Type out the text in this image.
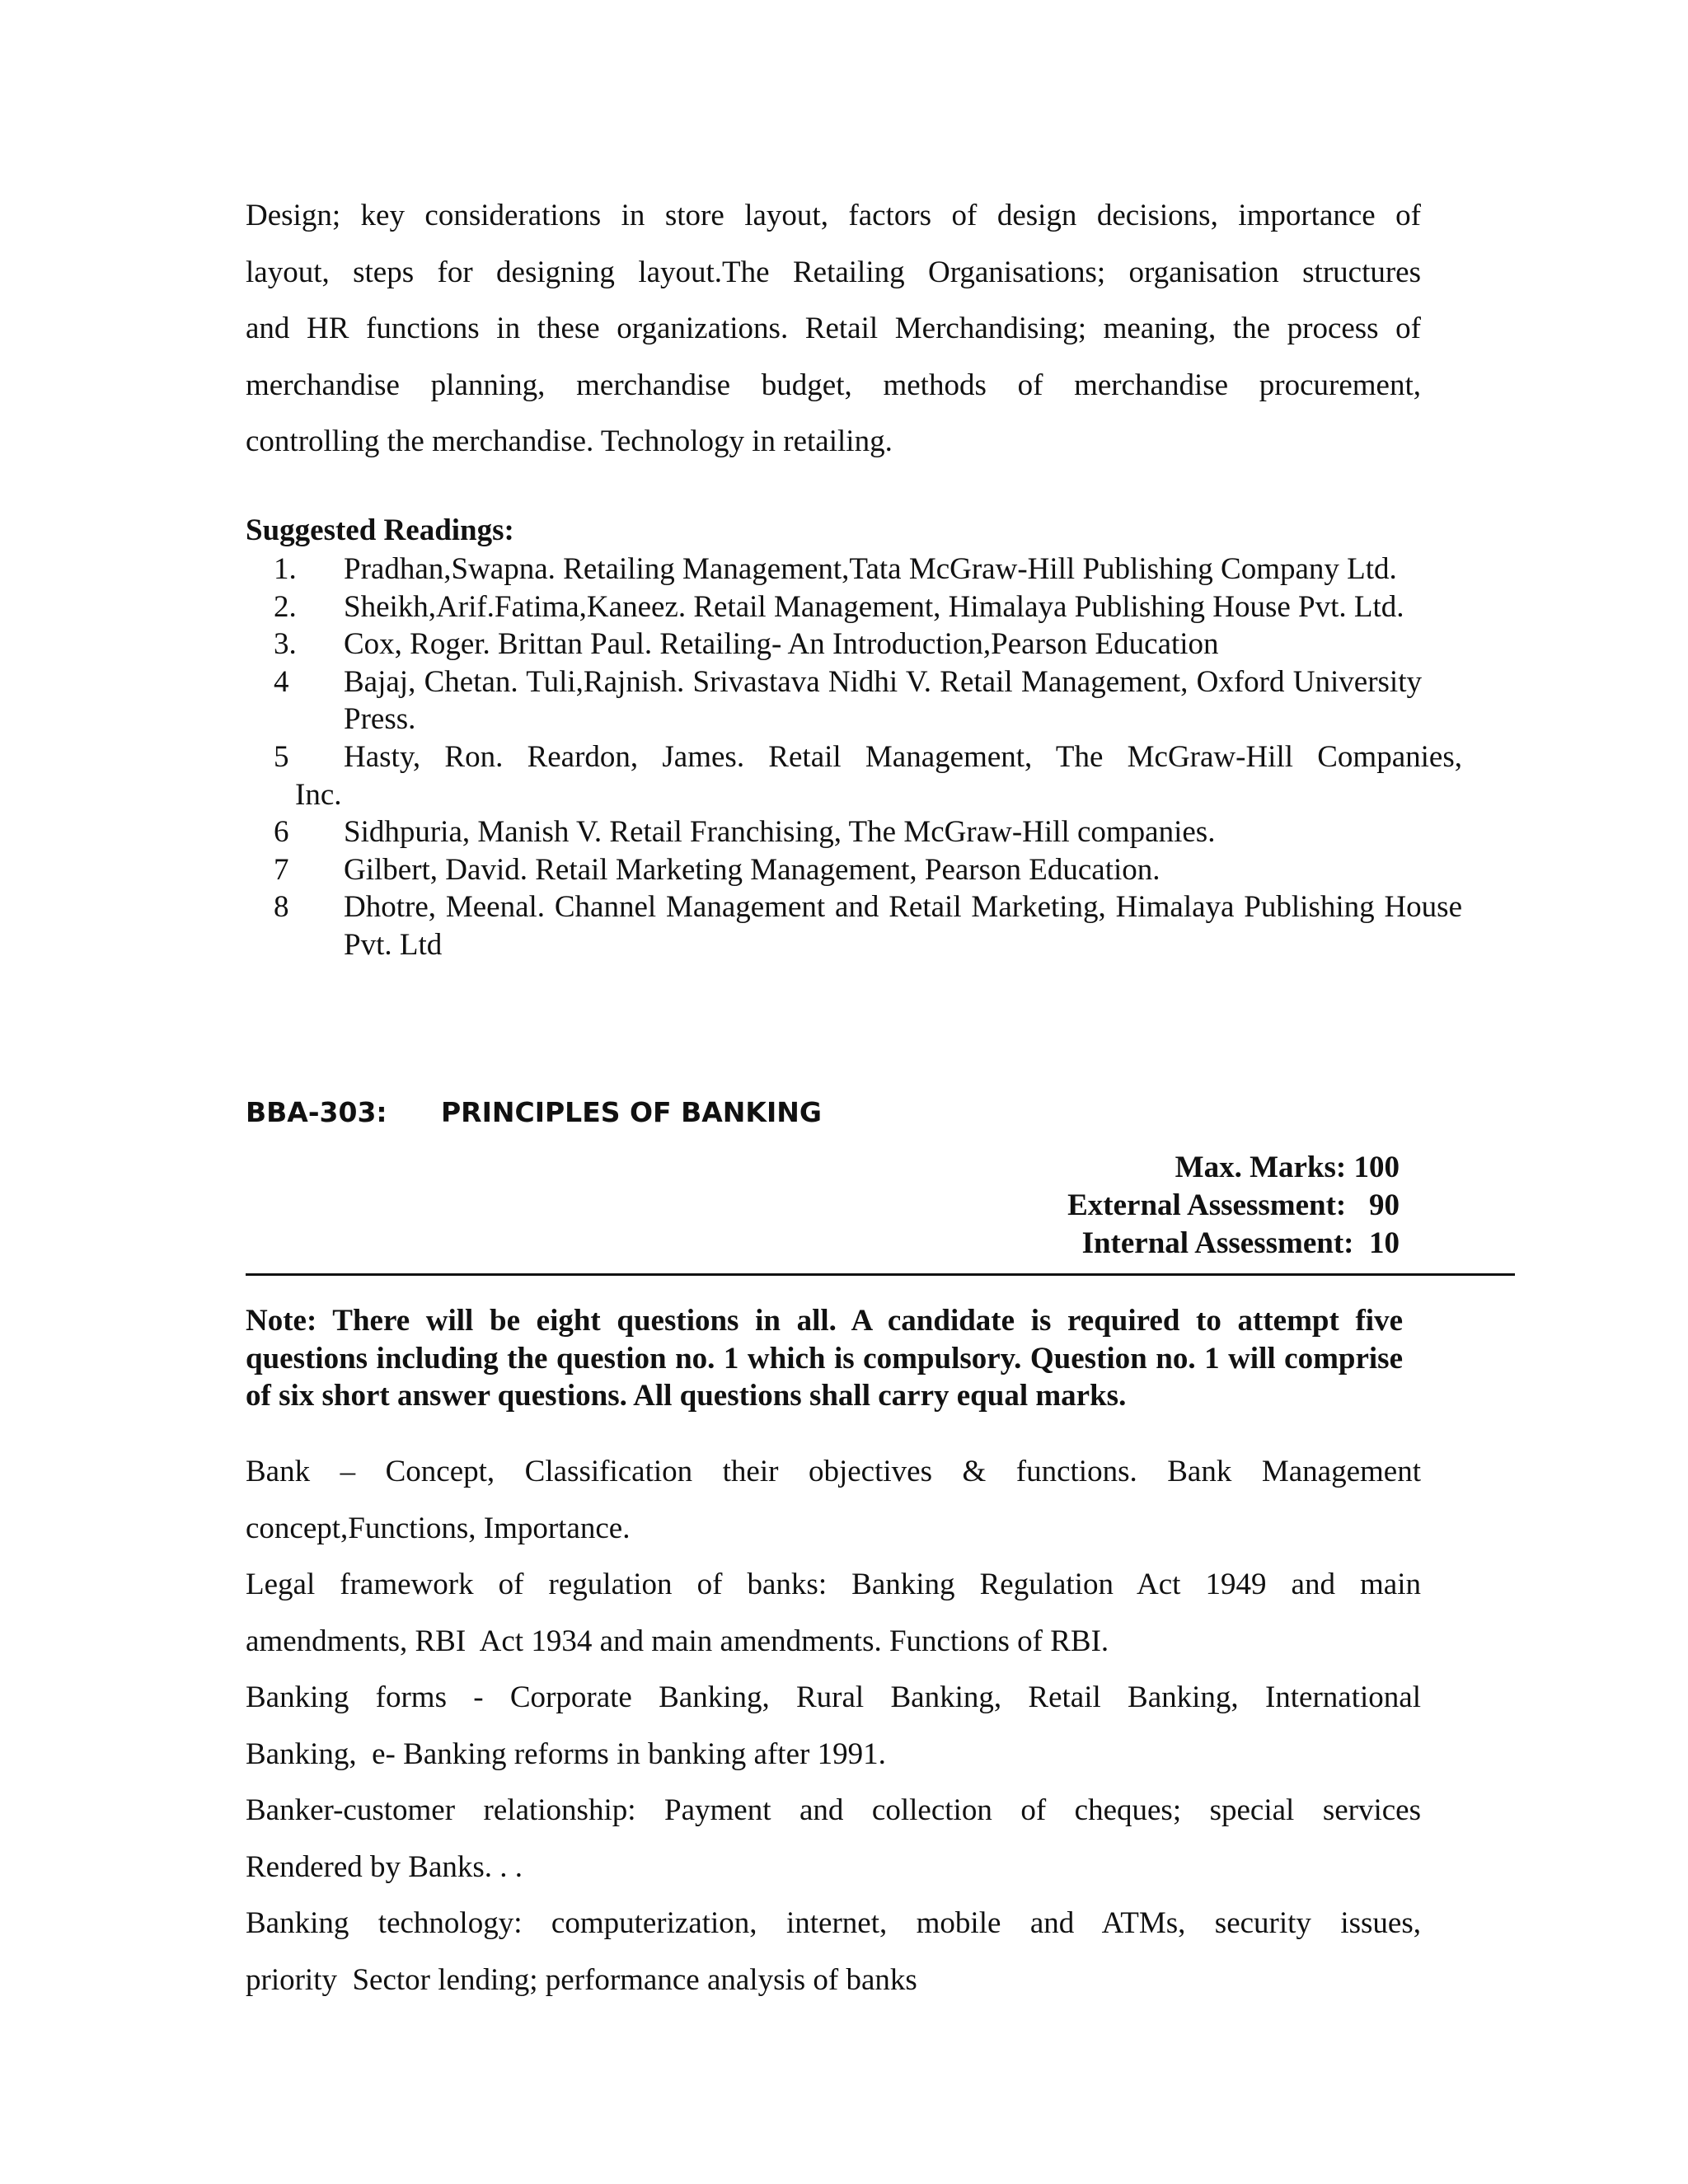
Design; key considerations in store layout, factors of design decisions, importance of
layout, steps for designing layout.The Retailing Organisations; organisation structures
and HR functions in these organizations. Retail Merchandising; meaning, the process of
merchandise planning, merchandise budget, methods of merchandise procurement,
controlling the merchandise. Technology in retailing.

Suggested Readings:

1. Pradhan,Swapna. Retailing Management,Tata McGraw-Hill Publishing Company Ltd.
2. Sheikh,Arif.Fatima,Kaneez. Retail Management, Himalaya Publishing House Pvt. Ltd.
3. Cox, Roger. Brittan Paul. Retailing- An Introduction,Pearson Education
4 Bajaj, Chetan. Tuli,Rajnish. Srivastava Nidhi V. Retail Management, Oxford University Press.
5	Hasty, Ron. Reardon, James. Retail Management, The McGraw-Hill Companies,
Inc.
6 Sidhpuria, Manish V. Retail Franchising, The McGraw-Hill companies.
7 Gilbert, David. Retail Marketing Management, Pearson Education.
8 Dhotre, Meenal. Channel Management and Retail Marketing, Himalaya Publishing House Pvt. Ltd

BBA-303: PRINCIPLES OF BANKING

Max. Marks: 100

External Assessment:   90

Internal Assessment:  10

Note: There will be eight questions in all. A candidate is required to attempt five questions including the question no. 1 which is compulsory. Question no. 1 will comprise of six short answer questions. All questions shall carry equal marks.

Bank – Concept, Classification their objectives & functions. Bank Management
concept,Functions, Importance.

Legal framework of regulation of banks: Banking Regulation Act 1949 and main
amendments, RBI  Act 1934 and main amendments. Functions of RBI.

Banking forms - Corporate Banking, Rural Banking, Retail Banking, International
Banking,  e- Banking reforms in banking after 1991.

Banker-customer relationship: Payment and collection of cheques; special services
Rendered by Banks. . .

Banking technology: computerization, internet, mobile and ATMs, security issues,
priority  Sector lending; performance analysis of banks
